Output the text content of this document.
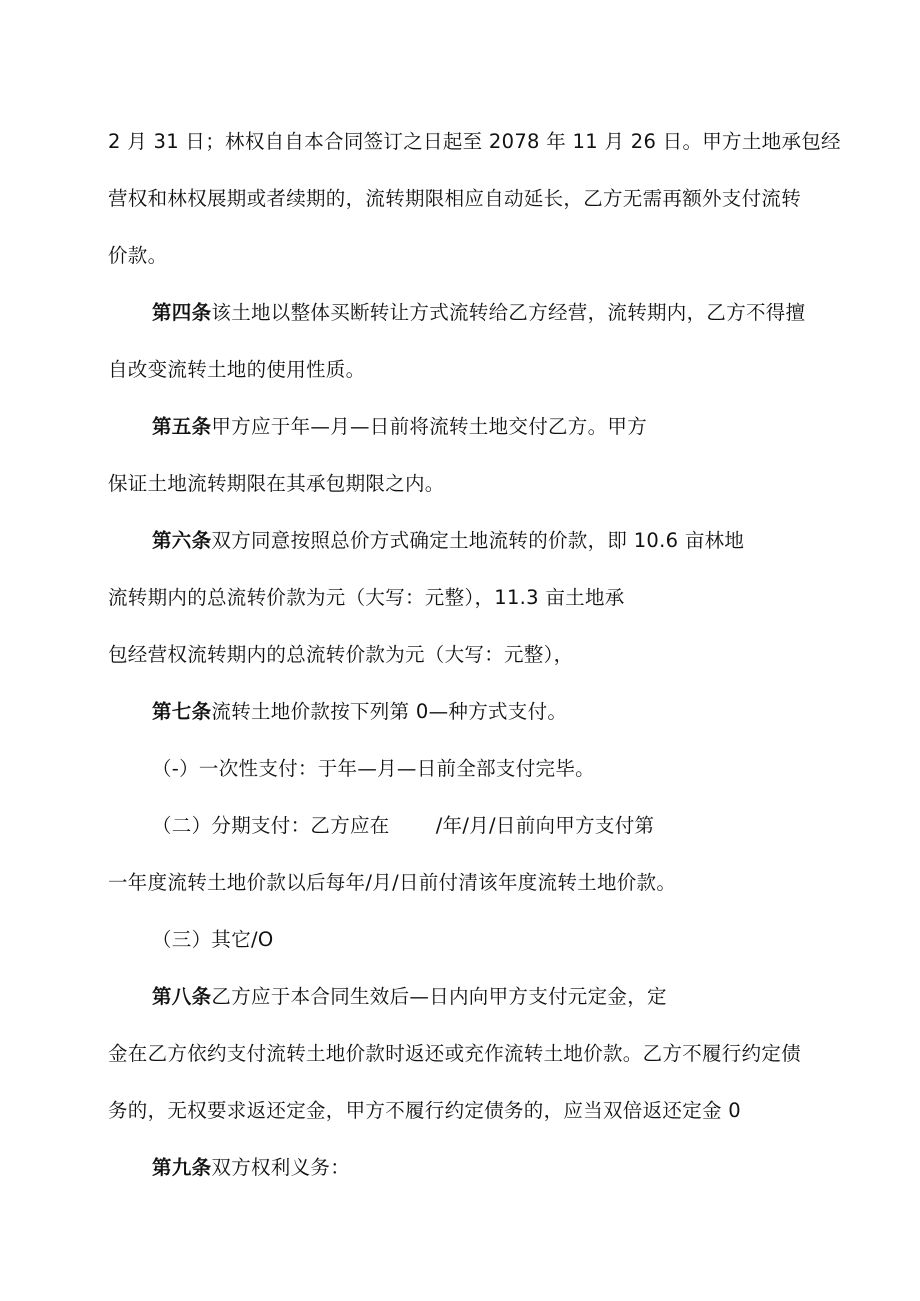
2 月 31 日；林权自自本合同签订之日起至 2078 年 11 月 26 日。甲方土地承包经
营权和林权展期或者续期的，流转期限相应自动延长，乙方无需再额外支付流转
价款。
第四条该土地以整体买断转让方式流转给乙方经营，流转期内，乙方不得擅
自改变流转土地的使用性质。
第五条甲方应于年—月—日前将流转土地交付乙方。甲方
保证土地流转期限在其承包期限之内。
第六条双方同意按照总价方式确定土地流转的价款，即 10.6 亩林地
流转期内的总流转价款为元（大写：元整），11.3 亩土地承
包经营权流转期内的总流转价款为元（大写：元整），
第七条流转土地价款按下列第 0—种方式支付。
（-）一次性支付：于年—月—日前全部支付完毕。
（二）分期支付：乙方应在　　 /年/月/日前向甲方支付第
一年度流转土地价款以后每年/月/日前付清该年度流转土地价款。
（三）其它/O
第八条乙方应于本合同生效后—日内向甲方支付元定金，定
金在乙方依约支付流转土地价款时返还或充作流转土地价款。乙方不履行约定债
务的，无权要求返还定金，甲方不履行约定债务的，应当双倍返还定金 0
第九条双方权利义务：
